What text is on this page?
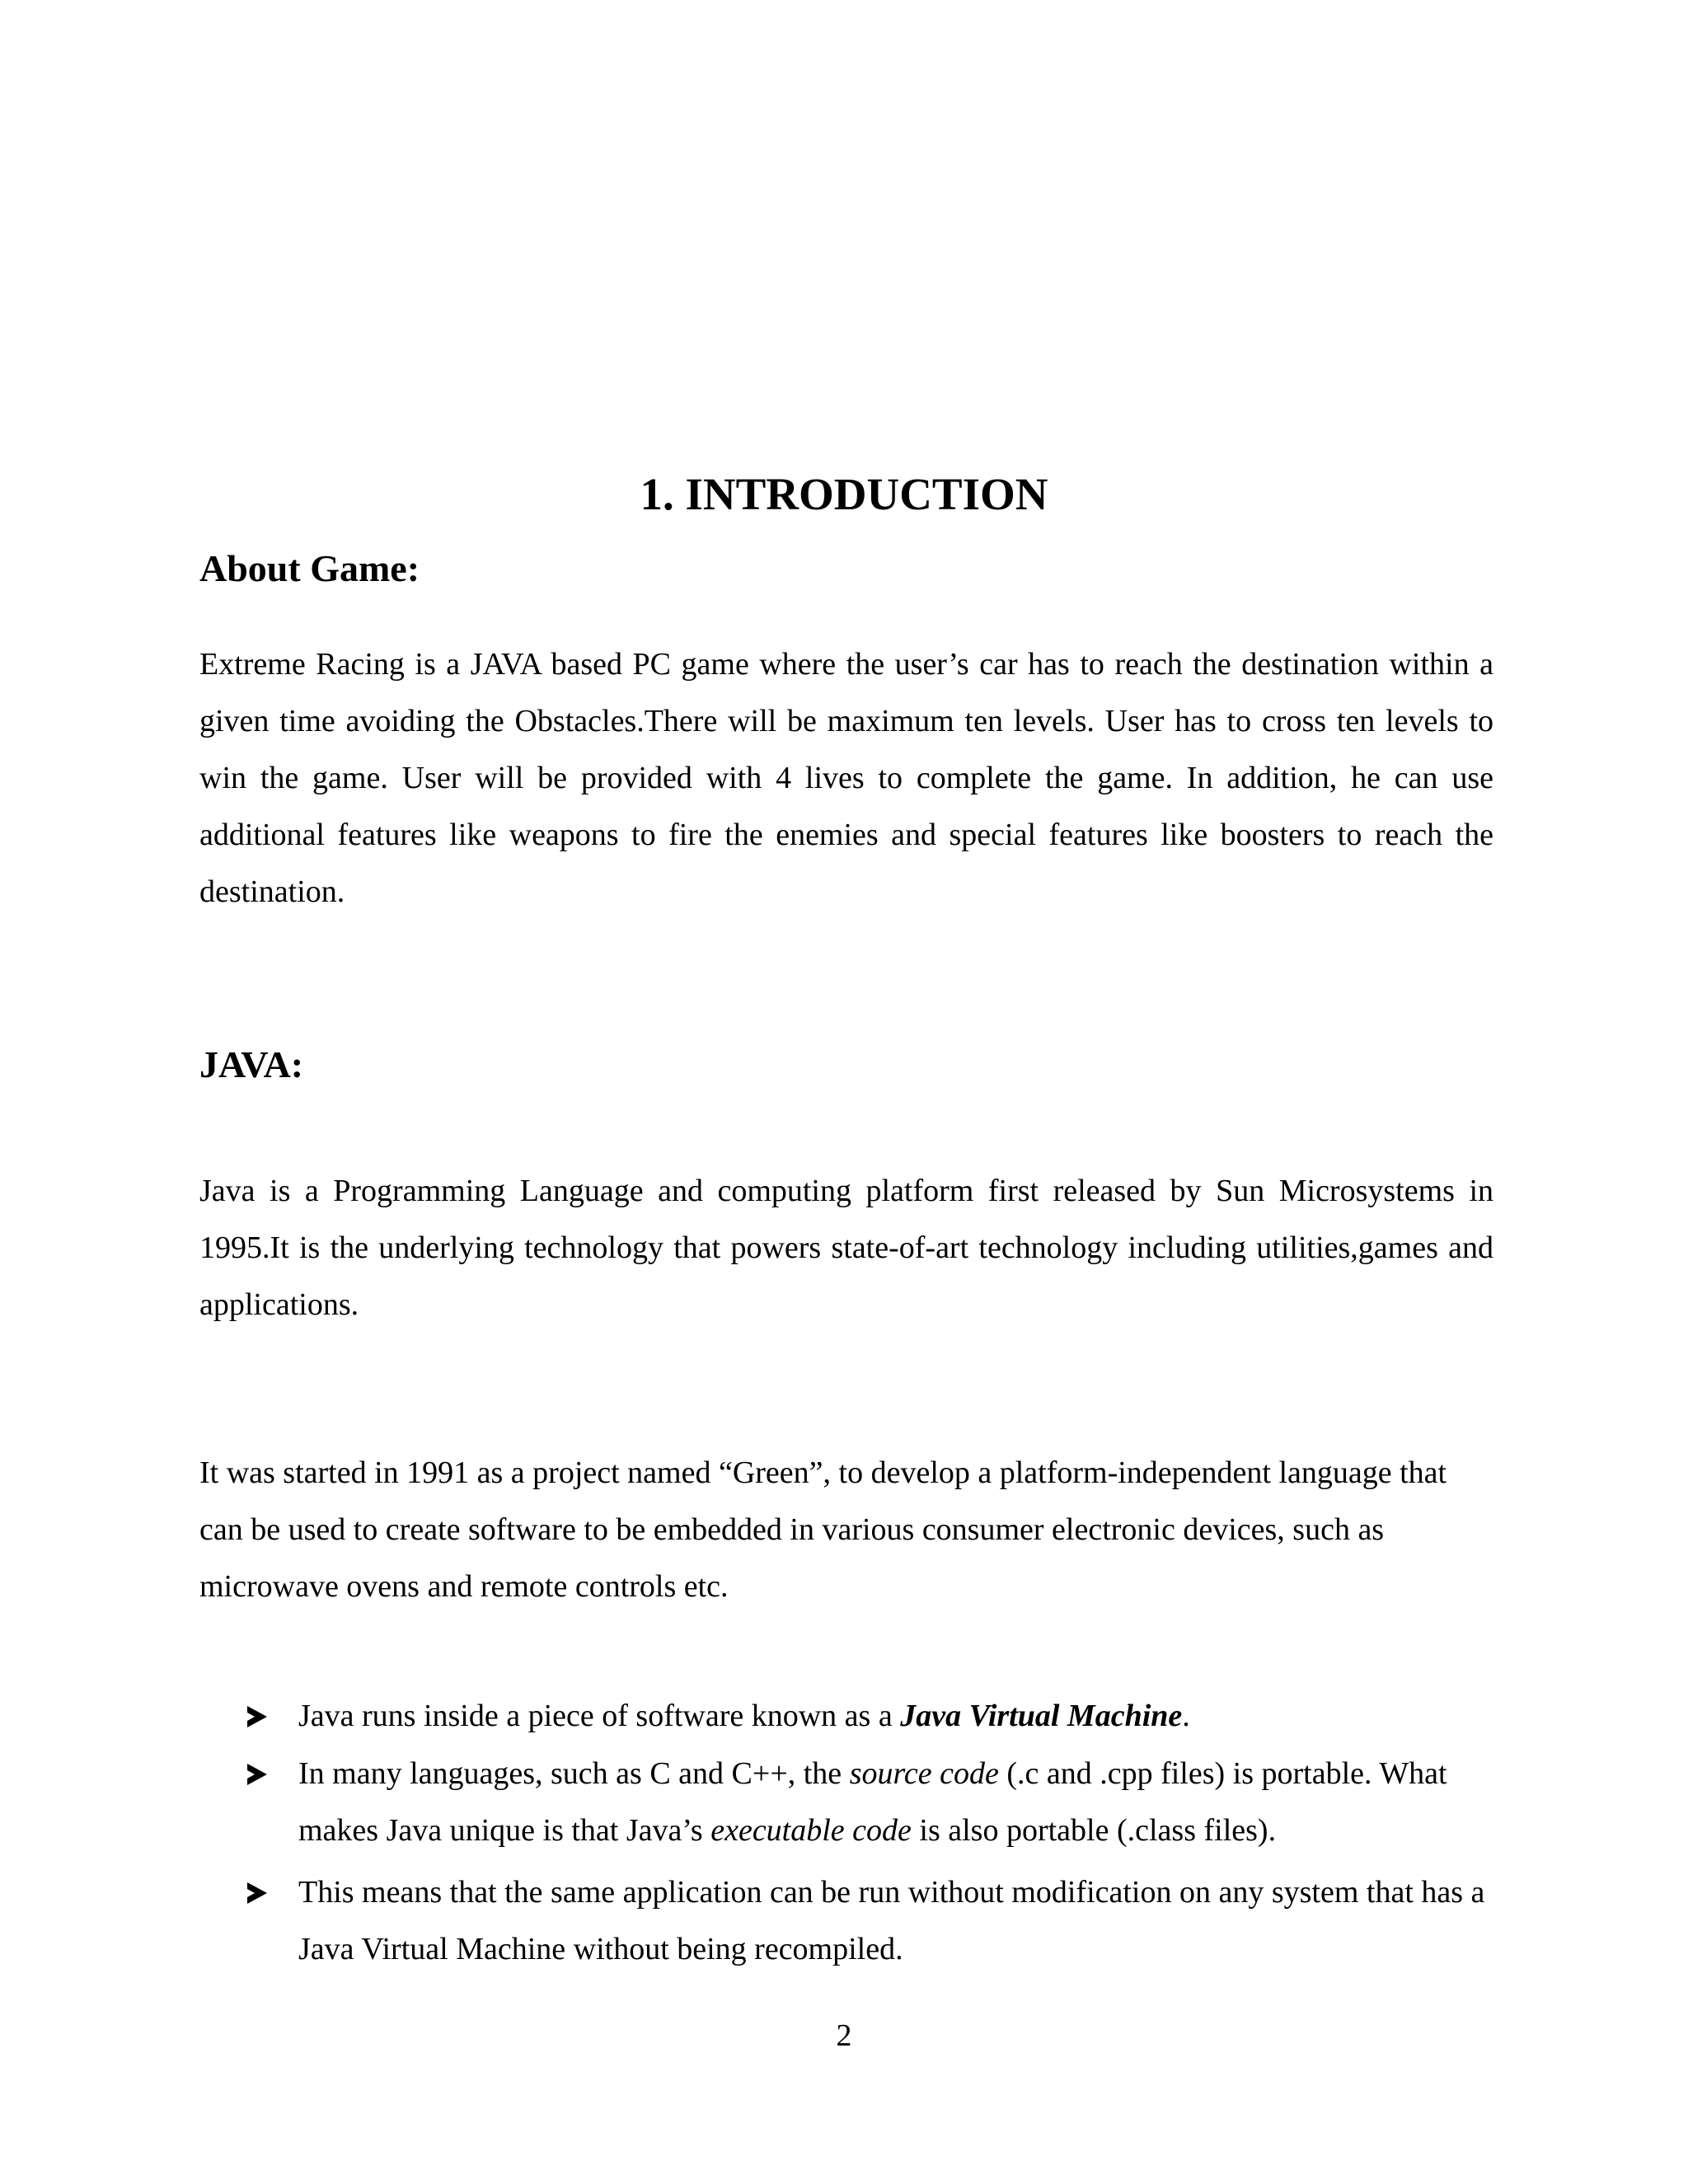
1. INTRODUCTION
About Game:

Extreme Racing is a JAVA based PC game where the user’s car has to reach the destination within a given time avoiding the Obstacles.There will be maximum ten levels. User has to cross ten levels to win the game. User will be provided with 4 lives to complete the game. In addition, he can use additional features like weapons to fire the enemies and special features like boosters to reach the destination.

JAVA:

Java is a Programming Language and computing platform first released by Sun Microsystems in 1995.It is the underlying technology that powers state-of-art technology including utilities,games and applications.

It was started in 1991 as a project named “Green”, to develop a platform-independent language that can be used to create software to be embedded in various consumer electronic devices, such as microwave ovens and remote controls etc.

Java runs inside a piece of software known as a Java Virtual Machine.
In many languages, such as C and C++, the source code (.c and .cpp files) is portable. What makes Java unique is that Java’s executable code is also portable (.class files).
This means that the same application can be run without modification on any system that has a Java Virtual Machine without being recompiled.
2
